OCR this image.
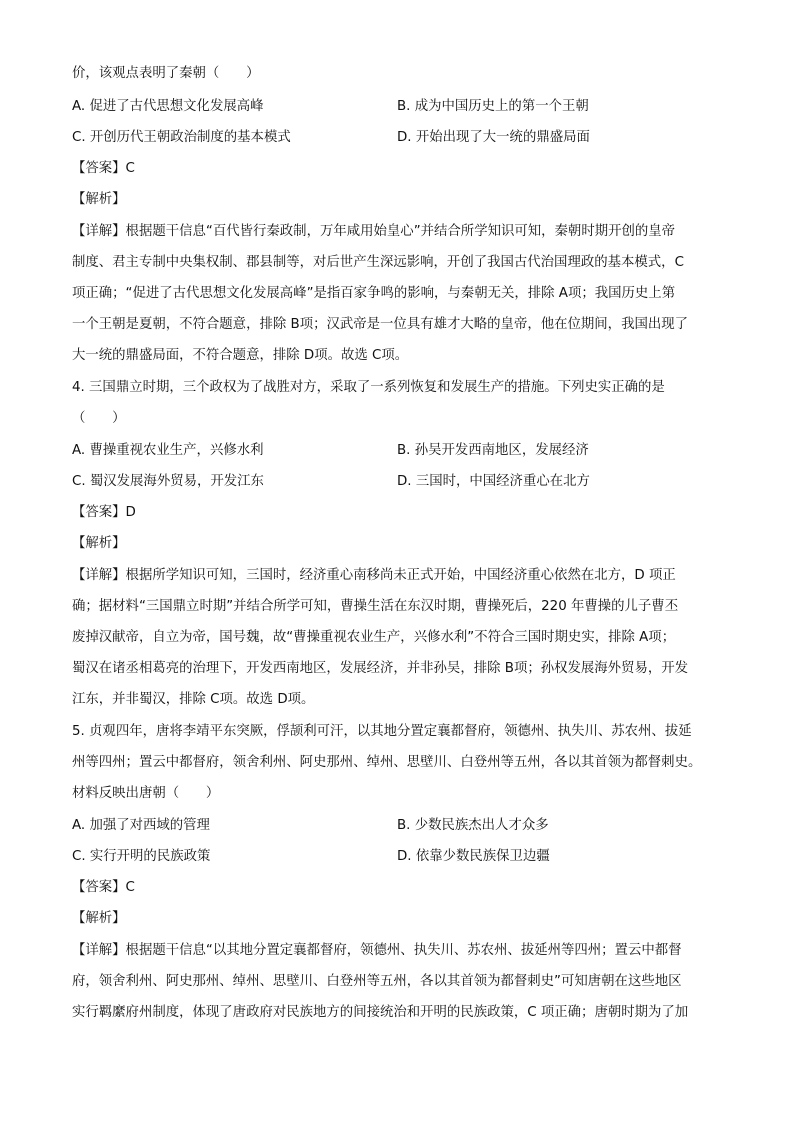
价，该观点表明了秦朝（　　）
A. 促进了古代思想文化发展高峰	B. 成为中国历史上的第一个王朝
C. 开创历代王朝政治制度的基本模式	D. 开始出现了大一统的鼎盛局面
【答案】C
【解析】
【详解】根据题干信息“百代皆行秦政制，万年咸用始皇心”并结合所学知识可知，秦朝时期开创的皇帝
制度、君主专制中央集权制、郡县制等，对后世产生深远影响，开创了我国古代治国理政的基本模式，C
项正确；“促进了古代思想文化发展高峰”是指百家争鸣的影响，与秦朝无关，排除 A项；我国历史上第
一个王朝是夏朝，不符合题意，排除 B项；汉武帝是一位具有雄才大略的皇帝，他在位期间，我国出现了
大一统的鼎盛局面，不符合题意，排除 D项。故选 C项。
4. 三国鼎立时期，三个政权为了战胜对方，采取了一系列恢复和发展生产的措施。下列史实正确的是
（　　）
A. 曹操重视农业生产，兴修水利	B. 孙吴开发西南地区，发展经济
C. 蜀汉发展海外贸易，开发江东	D. 三国时，中国经济重心在北方
【答案】D
【解析】
【详解】根据所学知识可知，三国时，经济重心南移尚未正式开始，中国经济重心依然在北方，D 项正
确；据材料“三国鼎立时期”并结合所学可知，曹操生活在东汉时期，曹操死后，220 年曹操的儿子曹丕
废掉汉献帝，自立为帝，国号魏，故“曹操重视农业生产，兴修水利”不符合三国时期史实，排除 A项；
蜀汉在诸丞相葛亮的治理下，开发西南地区，发展经济，并非孙吴，排除 B项；孙权发展海外贸易，开发
江东，并非蜀汉，排除 C项。故选 D项。
5. 贞观四年，唐将李靖平东突厥，俘颉利可汗，以其地分置定襄都督府，领德州、执失川、苏农州、拔延
州等四州；置云中都督府，领舍利州、阿史那州、绰州、思壁川、白登州等五州，各以其首领为都督刺史。
材料反映出唐朝（　　）
A. 加强了对西域的管理	B. 少数民族杰出人才众多
C. 实行开明的民族政策	D. 依靠少数民族保卫边疆
【答案】C
【解析】
【详解】根据题干信息“以其地分置定襄都督府，领德州、执失川、苏农州、拔延州等四州；置云中都督
府，领舍利州、阿史那州、绰州、思壁川、白登州等五州，各以其首领为都督刺史”可知唐朝在这些地区
实行羁縻府州制度，体现了唐政府对民族地方的间接统治和开明的民族政策，C 项正确；唐朝时期为了加
